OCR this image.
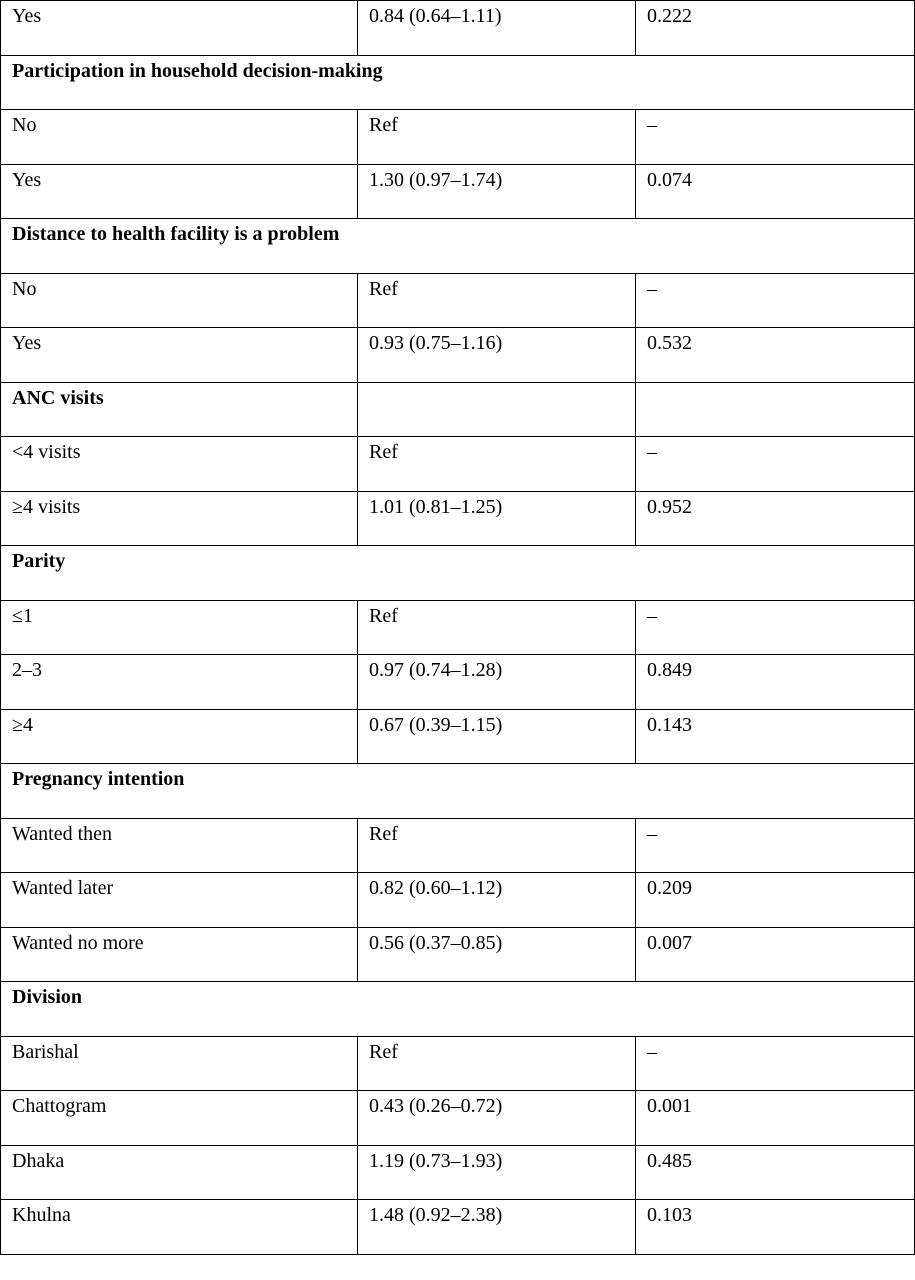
Yes	0.84 (0.64–1.11)	0.222
Participation in household decision-making		
No	Ref	–
Yes	1.30 (0.97–1.74)	0.074
Distance to health facility is a problem		
No	Ref	–
Yes	0.93 (0.75–1.16)	0.532
ANC visits		
<4 visits	Ref	–
≥4 visits	1.01 (0.81–1.25)	0.952
Parity		
≤1	Ref	–
2–3	0.97 (0.74–1.28)	0.849
≥4	0.67 (0.39–1.15)	0.143
Pregnancy intention		
Wanted then	Ref	–
Wanted later	0.82 (0.60–1.12)	0.209
Wanted no more	0.56 (0.37–0.85)	0.007
Division		
Barishal	Ref	–
Chattogram	0.43 (0.26–0.72)	0.001
Dhaka	1.19 (0.73–1.93)	0.485
Khulna	1.48 (0.92–2.38)	0.103
